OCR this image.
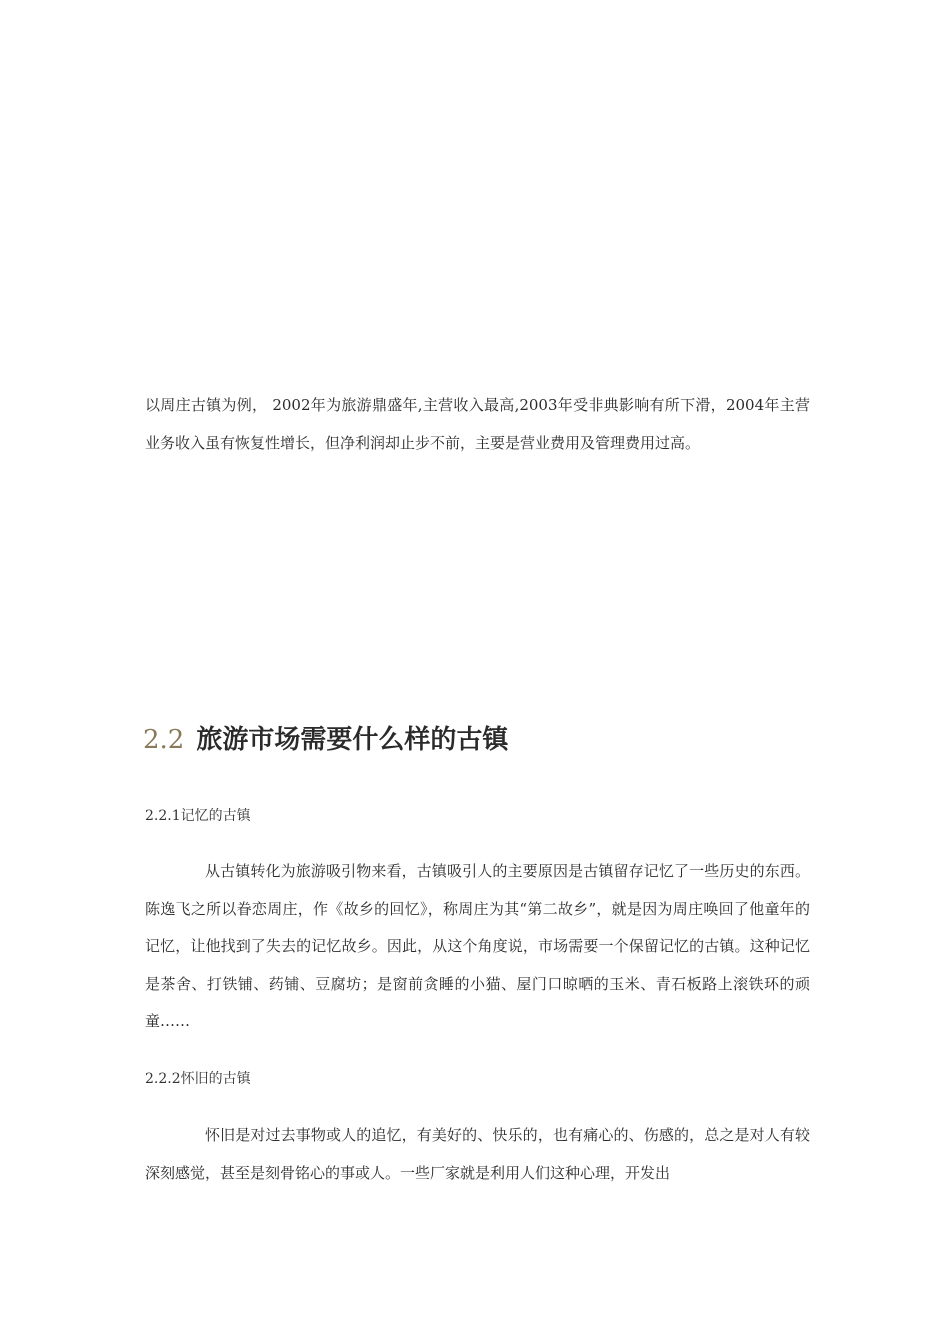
以周庄古镇为例， 2002年为旅游鼎盛年,主营收入最高,2003年受非典影响有所下滑，2004年主营业务收入虽有恢复性增长，但净利润却止步不前，主要是营业费用及管理费用过高。

2.2 旅游市场需要什么样的古镇

2.2.1记忆的古镇

从古镇转化为旅游吸引物来看，古镇吸引人的主要原因是古镇留存记忆了一些历史的东西。陈逸飞之所以眷恋周庄，作《故乡的回忆》，称周庄为其“第二故乡”，就是因为周庄唤回了他童年的记忆，让他找到了失去的记忆故乡。因此，从这个角度说，市场需要一个保留记忆的古镇。这种记忆是茶舍、打铁铺、药铺、豆腐坊；是窗前贪睡的小猫、屋门口晾晒的玉米、青石板路上滚铁环的顽童……

2.2.2怀旧的古镇

怀旧是对过去事物或人的追忆，有美好的、快乐的，也有痛心的、伤感的，总之是对人有较深刻感觉，甚至是刻骨铭心的事或人。一些厂家就是利用人们这种心理，开发出
